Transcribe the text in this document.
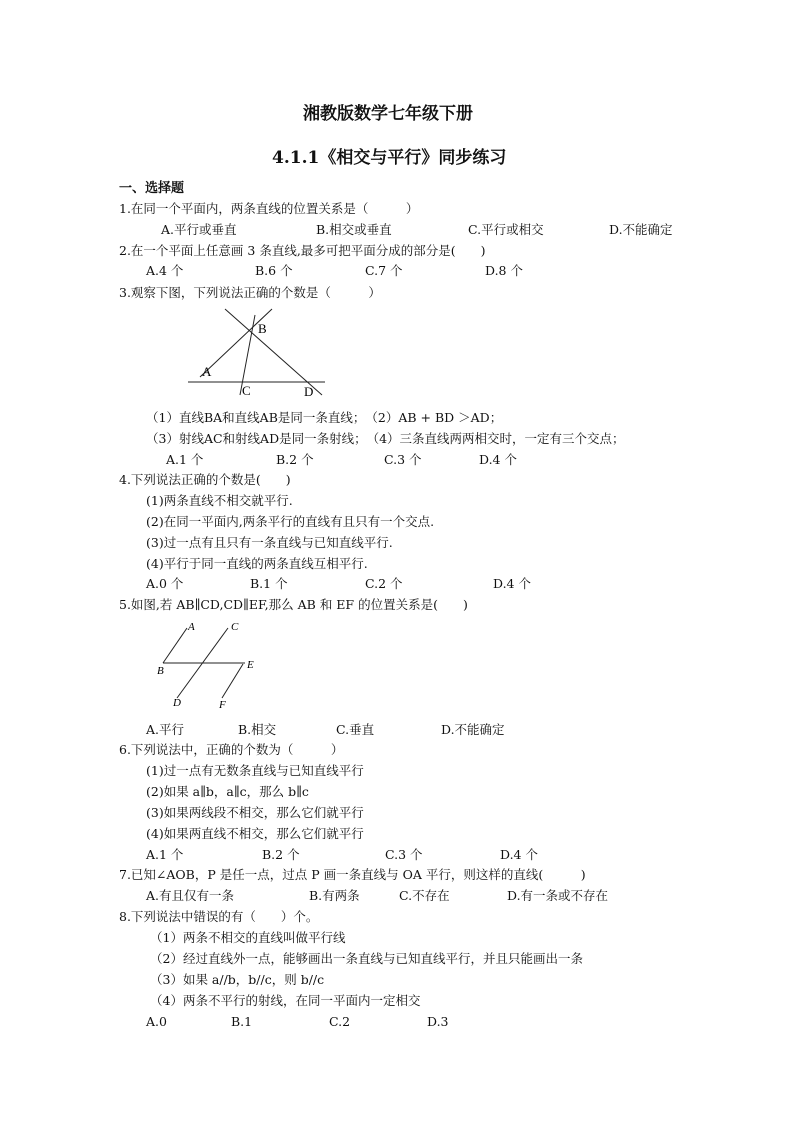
湘教版数学七年级下册
4.1.1《相交与平行》同步练习
一、选择题
1.在同一个平面内，两条直线的位置关系是（　　　）
A.平行或垂直	B.相交或垂直	C.平行或相交	D.不能确定
2.在一个平面上任意画 3 条直线,最多可把平面分成的部分是(　　)
A.4 个	B.6 个	C.7 个	D.8 个
3.观察下图，下列说法正确的个数是（　　　）
A
B
C	D
（1）直线BA和直线AB是同一条直线；　（2）AB + BD ＞AD；
（3）射线AC和射线AD是同一条射线；　（4）三条直线两两相交时，一定有三个交点；
A.1 个	B.2 个	C.3 个	D.4 个
4.下列说法正确的个数是(　　)
(1)两条直线不相交就平行.
(2)在同一平面内,两条平行的直线有且只有一个交点.
(3)过一点有且只有一条直线与已知直线平行.
(4)平行于同一直线的两条直线互相平行.
A.0 个	B.1 个	C.2 个	D.4 个
5.如图,若 AB∥CD,CD∥EF,那么 AB 和 EF 的位置关系是(　　)
A
B
C
D
E
F
A.平行	B.相交	C.垂直	D.不能确定
6.下列说法中，正确的个数为（　　　）
(1)过一点有无数条直线与已知直线平行
(2)如果 a∥b，a∥c，那么 b∥c
(3)如果两线段不相交，那么它们就平行
(4)如果两直线不相交，那么它们就平行
A.1 个	B.2 个	C.3 个	D.4 个
7.已知∠AOB，P 是任一点，过点 P 画一条直线与 OA 平行，则这样的直线(　　　)
A.有且仅有一条	B.有两条	C.不存在	D.有一条或不存在
8.下列说法中错误的有（　　）个。
（1）两条不相交的直线叫做平行线
（2）经过直线外一点，能够画出一条直线与已知直线平行，并且只能画出一条
（3）如果 a//b，b//c，则 b//c
（4）两条不平行的射线，在同一平面内一定相交
A.0	B.1	C.2	D.3
